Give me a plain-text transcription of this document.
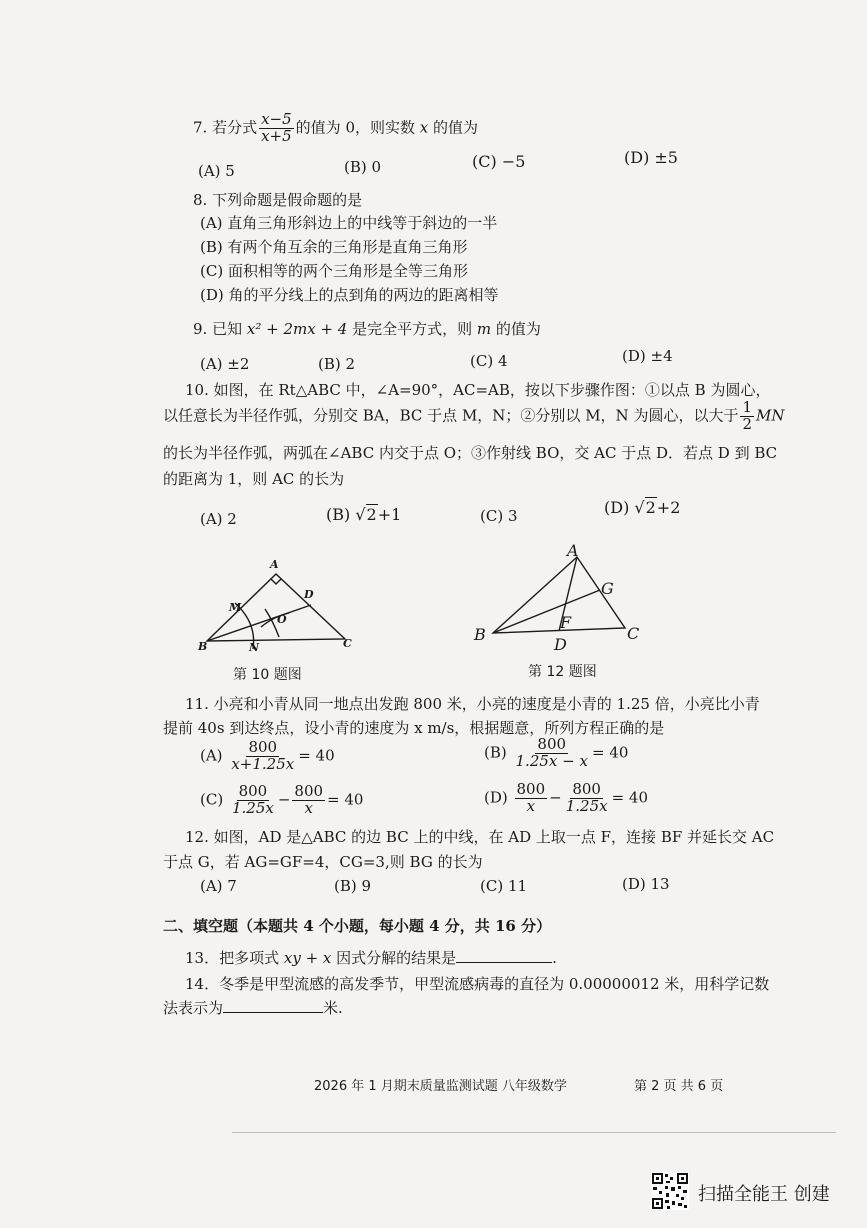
7. 若分式 $\frac{x-5}{x+5}$ 的值为 0，则实数 x 的值为
(A) 5	(B) 0	(C) −5	(D) ±5
8. 下列命题是假命题的是
(A) 直角三角形斜边上的中线等于斜边的一半
(B) 有两个角互余的三角形是直角三角形
(C) 面积相等的两个三角形是全等三角形
(D) 角的平分线上的点到角的两边的距离相等
9. 已知 x² + 2mx + 4 是完全平方式，则 m 的值为
(A) ±2	(B) 2	(C) 4	(D) ±4
10. 如图，在 Rt△ABC 中，∠A=90°，AC=AB，按以下步骤作图：①以点 B 为圆心，
以任意长为半径作弧，分别交 BA，BC 于点 M，N；②分别以 M，N 为圆心，以大于 $\frac{1}{2}$ MN
的长为半径作弧，两弧在∠ABC 内交于点 O；③作射线 BO，交 AC 于点 D．若点 D 到 BC
的距离为 1，则 AC 的长为
(A) 2	(B) √2+1	(C) 3	(D) √2+2
A
B	C
D
M
N
O
第 10 题图
A
B	C
D
F
G
第 12 题图
11. 小亮和小青从同一地点出发跑 800 米，小亮的速度是小青的 1.25 倍，小亮比小青
提前 40s 到达终点，设小青的速度为 x m/s，根据题意，所列方程正确的是
$(A) \frac{800}{x+1.25x} = 40$	$(B) \frac{800}{1.25x - x} = 40$
$(C) \frac{800}{1.25x} - \frac{800}{x} = 40$	$(D) \frac{800}{x} - \frac{800}{1.25x} = 40$
12. 如图，AD 是△ABC 的边 BC 上的中线，在 AD 上取一点 F，连接 BF 并延长交 AC
于点 G，若 AG=GF=4，CG=3,则 BG 的长为
(A) 7	(B) 9	(C) 11	(D) 13
二、填空题（本题共 4 个小题，每小题 4 分，共 16 分）
13．把多项式 xy + x 因式分解的结果是	.
14．冬季是甲型流感的高发季节，甲型流感病毒的直径为 0.00000012 米，用科学记数
法表示为	米.
2026 年 1 月期末质量监测试题 八年级数学	第 2 页 共 6 页
扫描全能王 创建
